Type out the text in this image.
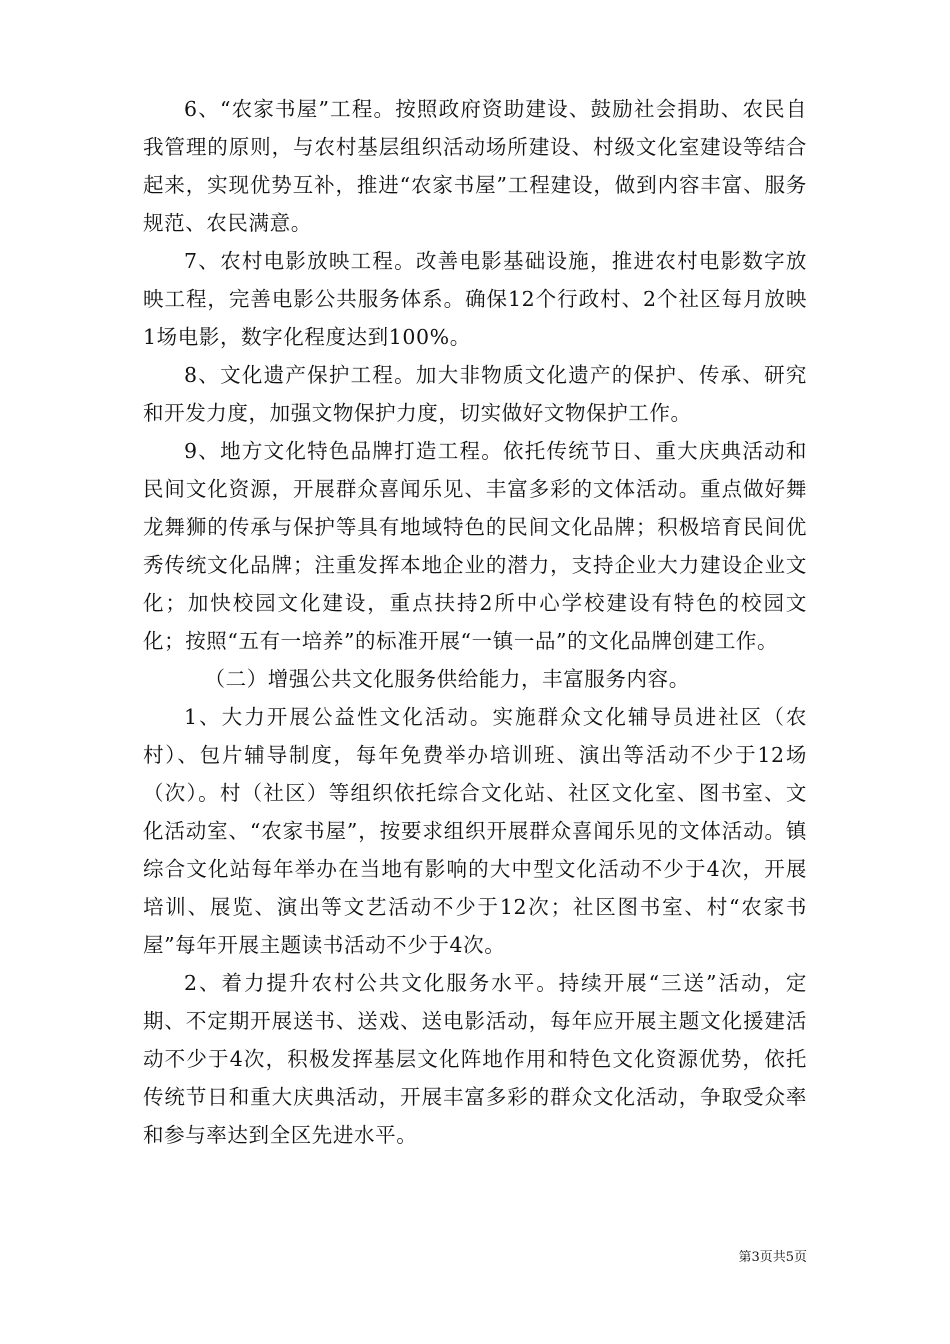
6、“农家书屋”工程。按照政府资助建设、鼓励社会捐助、农民自我管理的原则，与农村基层组织活动场所建设、村级文化室建设等结合起来，实现优势互补，推进“农家书屋”工程建设，做到内容丰富、服务规范、农民满意。

7、农村电影放映工程。改善电影基础设施，推进农村电影数字放映工程，完善电影公共服务体系。确保12个行政村、2个社区每月放映1场电影，数字化程度达到100%。

8、文化遗产保护工程。加大非物质文化遗产的保护、传承、研究和开发力度，加强文物保护力度，切实做好文物保护工作。

9、地方文化特色品牌打造工程。依托传统节日、重大庆典活动和民间文化资源，开展群众喜闻乐见、丰富多彩的文体活动。重点做好舞龙舞狮的传承与保护等具有地域特色的民间文化品牌；积极培育民间优秀传统文化品牌；注重发挥本地企业的潜力，支持企业大力建设企业文化；加快校园文化建设，重点扶持2所中心学校建设有特色的校园文化；按照“五有一培养”的标准开展“一镇一品”的文化品牌创建工作。

（二）增强公共文化服务供给能力，丰富服务内容。

1、大力开展公益性文化活动。实施群众文化辅导员进社区（农村）、包片辅导制度，每年免费举办培训班、演出等活动不少于12场（次）。村（社区）等组织依托综合文化站、社区文化室、图书室、文化活动室、“农家书屋”，按要求组织开展群众喜闻乐见的文体活动。镇综合文化站每年举办在当地有影响的大中型文化活动不少于4次，开展培训、展览、演出等文艺活动不少于12次；社区图书室、村“农家书屋”每年开展主题读书活动不少于4次。

2、着力提升农村公共文化服务水平。持续开展“三送”活动，定期、不定期开展送书、送戏、送电影活动，每年应开展主题文化援建活动不少于4次，积极发挥基层文化阵地作用和特色文化资源优势，依托传统节日和重大庆典活动，开展丰富多彩的群众文化活动，争取受众率和参与率达到全区先进水平。

第3页共5页
